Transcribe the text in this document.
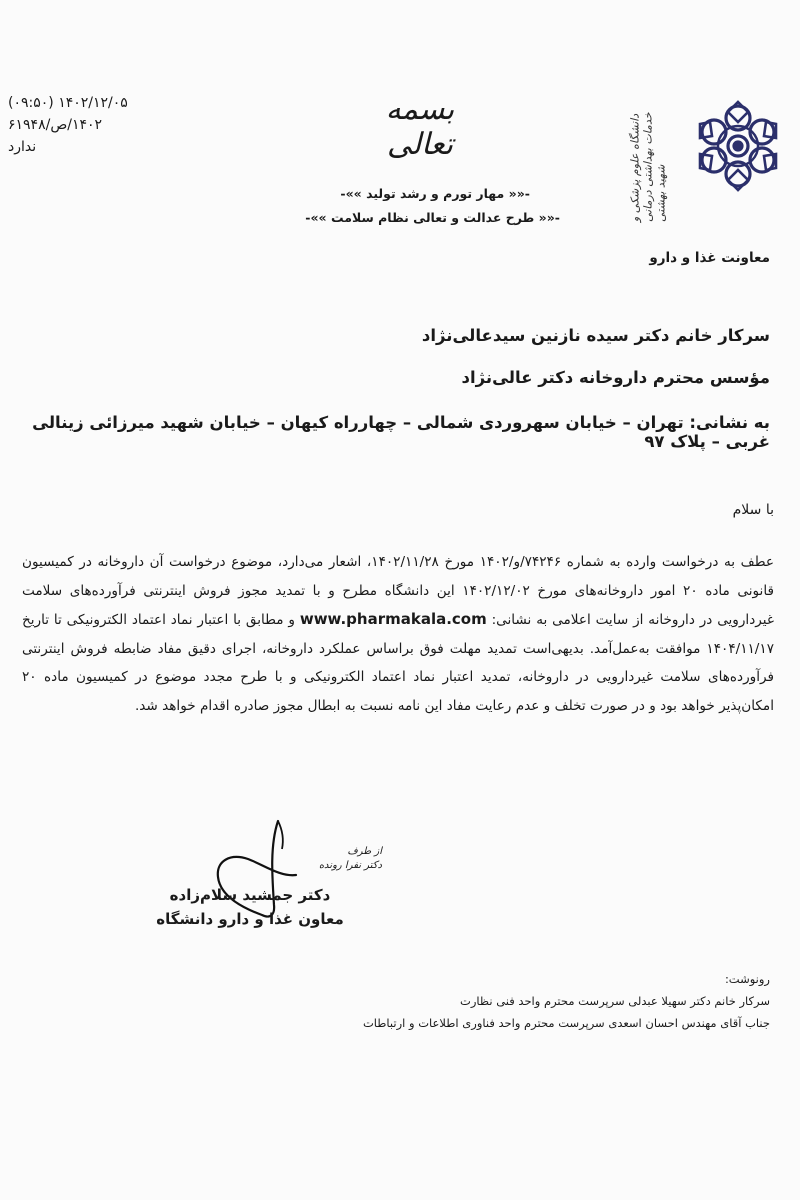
۱۴۰۲/۱۲/۰۵ (۰۹:۵۰)
۱۴۰۲/ص/۶۱۹۴۸
ندارد
بسمه تعالی
-«« مهار تورم و رشد تولید »»-
-«« طرح عدالت و تعالی نظام سلامت »»-	دانشگاه علوم پزشکی و خدمات بهداشتی درمانی شهید بهشتی
معاونت غذا و دارو
سرکار خانم دکتر سیده نازنین سیدعالی‌نژاد
مؤسس محترم داروخانه دکتر عالی‌نژاد
به نشانی: تهران – خیابان سهروردی شمالی – چهارراه کیهان – خیابان شهید میرزائی زینالی غربی – پلاک ۹۷
با سلام
عطف به درخواست وارده به شماره ۷۴۲۴۶/و/۱۴۰۲ مورخ ۱۴۰۲/۱۱/۲۸، اشعار می‌دارد، موضوع درخواست آن داروخانه در کمیسیون قانونی ماده ۲۰ امور داروخانه‌های مورخ ۱۴۰۲/۱۲/۰۲ این دانشگاه مطرح و با تمدید مجوز فروش اینترنتی فرآورده‌های سلامت غیردارویی در داروخانه از سایت اعلامی به نشانی: www.pharmakala.com و مطابق با اعتبار نماد اعتماد الکترونیکی تا تاریخ ۱۴۰۴/۱۱/۱۷ موافقت به‌عمل‌آمد. بدیهی‌است تمدید مهلت فوق براساس عملکرد داروخانه، اجرای دقیق مفاد ضابطه فروش اینترنتی فرآورده‌های سلامت غیردارویی در داروخانه، تمدید اعتبار نماد اعتماد الکترونیکی و با طرح مجدد موضوع در کمیسیون ماده ۲۰ امکان‌پذیر خواهد بود و در صورت تخلف و عدم رعایت مفاد این نامه نسبت به ابطال مجوز صادره اقدام خواهد شد.
از طرف
دکتر نفرا رونده
دکتر جمشید سلام‌زاده
معاون غذا و دارو دانشگاه
رونوشت:
سرکار خانم دکتر سهیلا عبدلی سرپرست محترم واحد فنی نظارت
جناب آقای مهندس احسان اسعدی سرپرست محترم واحد فناوری اطلاعات و ارتباطات
